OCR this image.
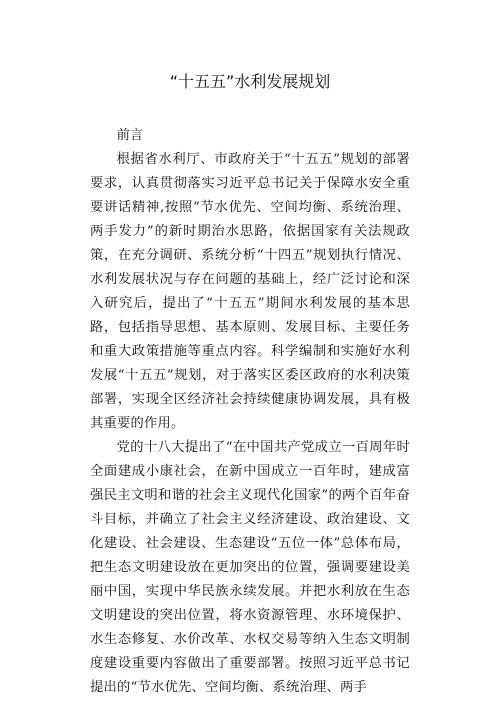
“十五五”水利发展规划

前言

根据省水利厅、市政府关于“十五五”规划的部署要求，认真贯彻落实习近平总书记关于保障水安全重要讲话精神,按照“节水优先、空间均衡、系统治理、两手发力”的新时期治水思路，依据国家有关法规政策，在充分调研、系统分析“十四五”规划执行情况、水利发展状况与存在问题的基础上，经广泛讨论和深入研究后，提出了“十五五”期间水利发展的基本思路，包括指导思想、基本原则、发展目标、主要任务和重大政策措施等重点内容。科学编制和实施好水利发展“十五五”规划，对于落实区委区政府的水利决策部署，实现全区经济社会持续健康协调发展，具有极其重要的作用。

党的十八大提出了“在中国共产党成立一百周年时全面建成小康社会，在新中国成立一百年时，建成富强民主文明和谐的社会主义现代化国家”的两个百年奋斗目标，并确立了社会主义经济建设、政治建设、文化建设、社会建设、生态建设“五位一体”总体布局，把生态文明建设放在更加突出的位置，强调要建设美丽中国，实现中华民族永续发展。并把水利放在生态文明建设的突出位置，将水资源管理、水环境保护、水生态修复、水价改革、水权交易等纳入生态文明制度建设重要内容做出了重要部署。按照习近平总书记提出的“节水优先、空间均衡、系统治理、两手
